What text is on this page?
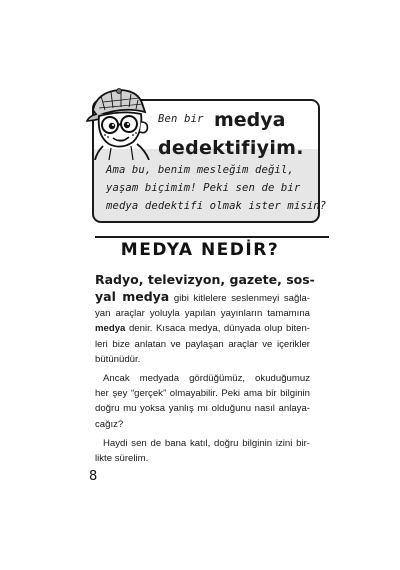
Ben bir medya
dedektifiyim.
Ama bu, benim mesleğim değil,
yaşam biçimim! Peki sen de bir
medya dedektifi olmak ister misin?
MEDYA NEDİR?
Radyo, televizyon, gazete, sos-
yal medya gibi kitlelere seslenmeyi sağla-
yan araçlar yoluyla yapılan yayınların tamamına
medya denir. Kısaca medya, dünyada olup biten-
leri bize anlatan ve paylaşan araçlar ve içerikler
bütünüdür.
Ancak medyada gördüğümüz, okuduğumuz
her şey “gerçek” olmayabilir. Peki ama bir bilginin
doğru mu yoksa yanlış mı olduğunu nasıl anlaya-
cağız?
Haydi sen de bana katıl, doğru bilginin izini bir-
likte sürelim.
8
